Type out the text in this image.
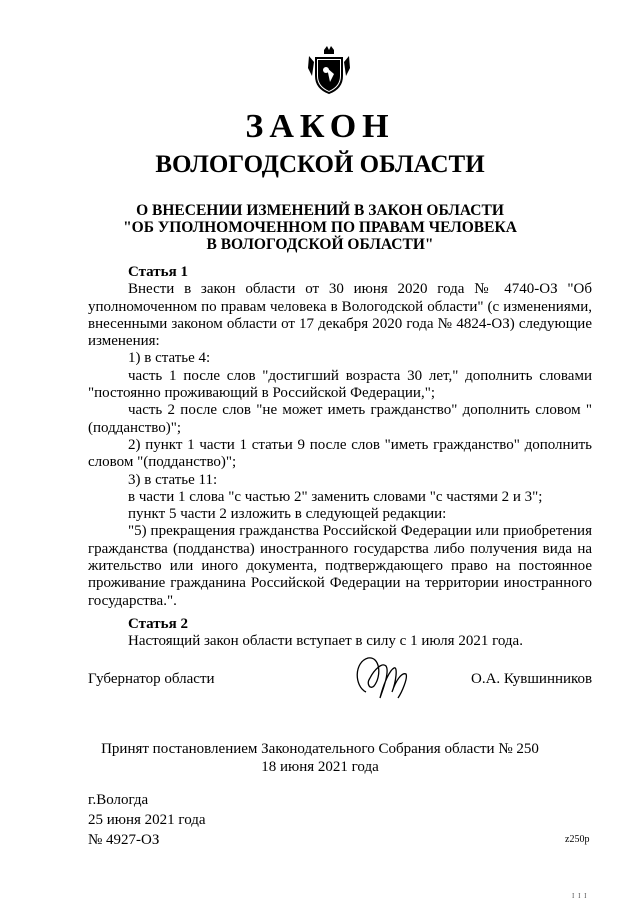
ЗАКОН
ВОЛОГОДСКОЙ ОБЛАСТИ
О ВНЕСЕНИИ ИЗМЕНЕНИЙ В ЗАКОН ОБЛАСТИ
"ОБ УПОЛНОМОЧЕННОМ ПО ПРАВАМ ЧЕЛОВЕКА
В ВОЛОГОДСКОЙ ОБЛАСТИ"

Статья 1

Внести в закон области от 30 июня 2020 года № 4740-ОЗ "Об уполномоченном по правам человека в Вологодской области" (с изменениями, внесенными законом области от 17 декабря 2020 года № 4824-ОЗ) следующие изменения:

1) в статье 4:

часть 1 после слов "достигший возраста 30 лет," дополнить словами "постоянно проживающий в Российской Федерации,";

часть 2 после слов "не может иметь гражданство" дополнить словом "(подданство)";

2) пункт 1 части 1 статьи 9 после слов "иметь гражданство" дополнить словом "(подданство)";

3) в статье 11:

в части 1 слова "с частью 2" заменить словами "с частями 2 и 3";

пункт 5 части 2 изложить в следующей редакции:

"5) прекращения гражданства Российской Федерации или приобретения гражданства (подданства) иностранного государства либо получения вида на жительство или иного документа, подтверждающего право на постоянное проживание гражданина Российской Федерации на территории иностранного государства.".

Статья 2

Настоящий закон области вступает в силу с 1 июля 2021 года.

Губернатор области	О.А. Кувшинников
Принят постановлением Законодательного Собрания области № 250
18 июня 2021 года
г.Вологда
25 июня 2021 года
№ 4927-ОЗ	z250p
I I I
